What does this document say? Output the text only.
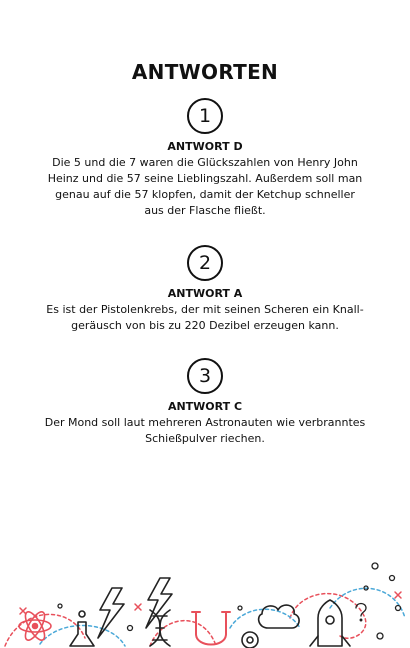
ANTWORTEN
1
ANTWORT D
Die 5 und die 7 waren die Glückszahlen von Henry John
Heinz und die 57 seine Lieblingszahl. Außerdem soll man
genau auf die 57 klopfen, damit der Ketchup schneller
aus der Flasche fließt.
2
ANTWORT A
Es ist der Pistolenkrebs, der mit seinen Scheren ein Knall-
geräusch von bis zu 220 Dezibel erzeugen kann.
3
ANTWORT C
Der Mond soll laut mehreren Astronauten wie verbranntes
Schießpulver riechen.
